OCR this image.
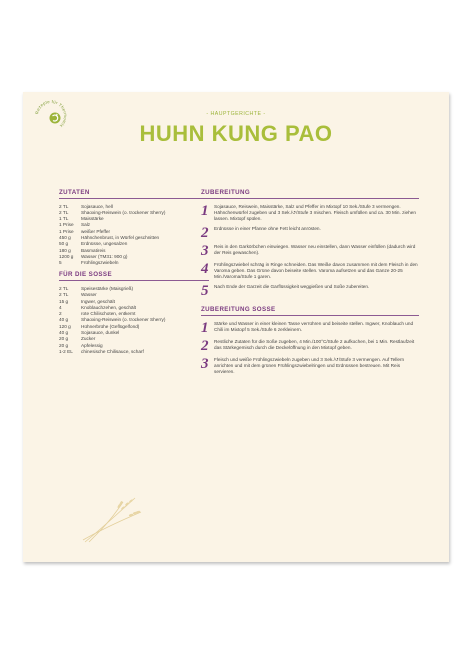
Rezepte für Thermomix
- HAUPTGERICHTE -
HUHN KUNG PAO
ZUTATEN
2 TL	Sojasauce, hell
2 TL	Shaoxing-Reiswein (o. trockener Sherry)
1 TL	Maisstärke
1 Prise	Salz
1 Prise	weißer Pfeffer
450 g	Hähnchenbrust, in Würfel geschnitten
50 g	Erdnüsse, ungesalzen
180 g	Basmatireis
1200 g	Wasser (TM31: 900 g)
5	Frühlingszwiebeln
FÜR DIE SOSSE
2 TL	Speisestärke (Maisgrieß)
2 TL	Wasser
15 g	Ingwer, geschält
4	Knoblauchzehen, geschält
2	rote Chilischoten, entkernt
40 g	Shaoxing-Reiswein (o. trockener Sherry)
120 g	Hühnerbrühe (Geflügelfond)
40 g	Sojasauce, dunkel
20 g	Zucker
20 g	Apfelessig
1-2 EL	chinesische Chilisauce, scharf
ZUBEREITUNG
1	Sojasauce, Reiswein, Maisstärke, Salz und Pfeffer im Mixtopf 10 Sek./Stufe 3 vermengen. Hähnchenwürfel zugeben und 3 Sek./↺/Stufe 3 mischen. Fleisch umfüllen und ca. 30 Min. ziehen lassen. Mixtopf spülen.
2	Erdnüsse in einer Pfanne ohne Fett leicht anrösten.
3	Reis in den Garkörbchen einwiegen. Wasser neu einstellen, dann Wasser einfüllen (dadurch wird der Reis gewaschen).
4	Frühlingszwiebel schräg in Ringe schneiden. Das Weiße davon zusammen mit dem Fleisch in den Varoma geben. Das Grüne davon beiseite stellen. Varoma aufsetzen und das Ganze 20-25 Min./Varoma/Stufe 1 garen.
5	Nach Ende der Garzeit die Garflüssigkeit weggießen und Soße zubereiten.
ZUBEREITUNG SOSSE
1	Stärke und Wasser in einer kleinen Tasse verrühren und beiseite stellen. Ingwer, Knoblauch und Chili im Mixtopf 5 Sek./Stufe 6 zerkleinern.
2	Restliche Zutaten für die Soße zugeben, 4 Min./100°C/Stufe 2 aufkochen, bei 1 Min. Restlaufzeit das Stärkegemisch durch die Deckelöffnung in den Mixtopf geben.
3	Fleisch und weiße Frühlingszwiebeln zugeben und 3 Sek./↺/Stufe 3 vermengen. Auf Tellern anrichten und mit dem grünen Frühlingszwiebelringen und Erdnüssen bestreuen. Mit Reis servieren.
